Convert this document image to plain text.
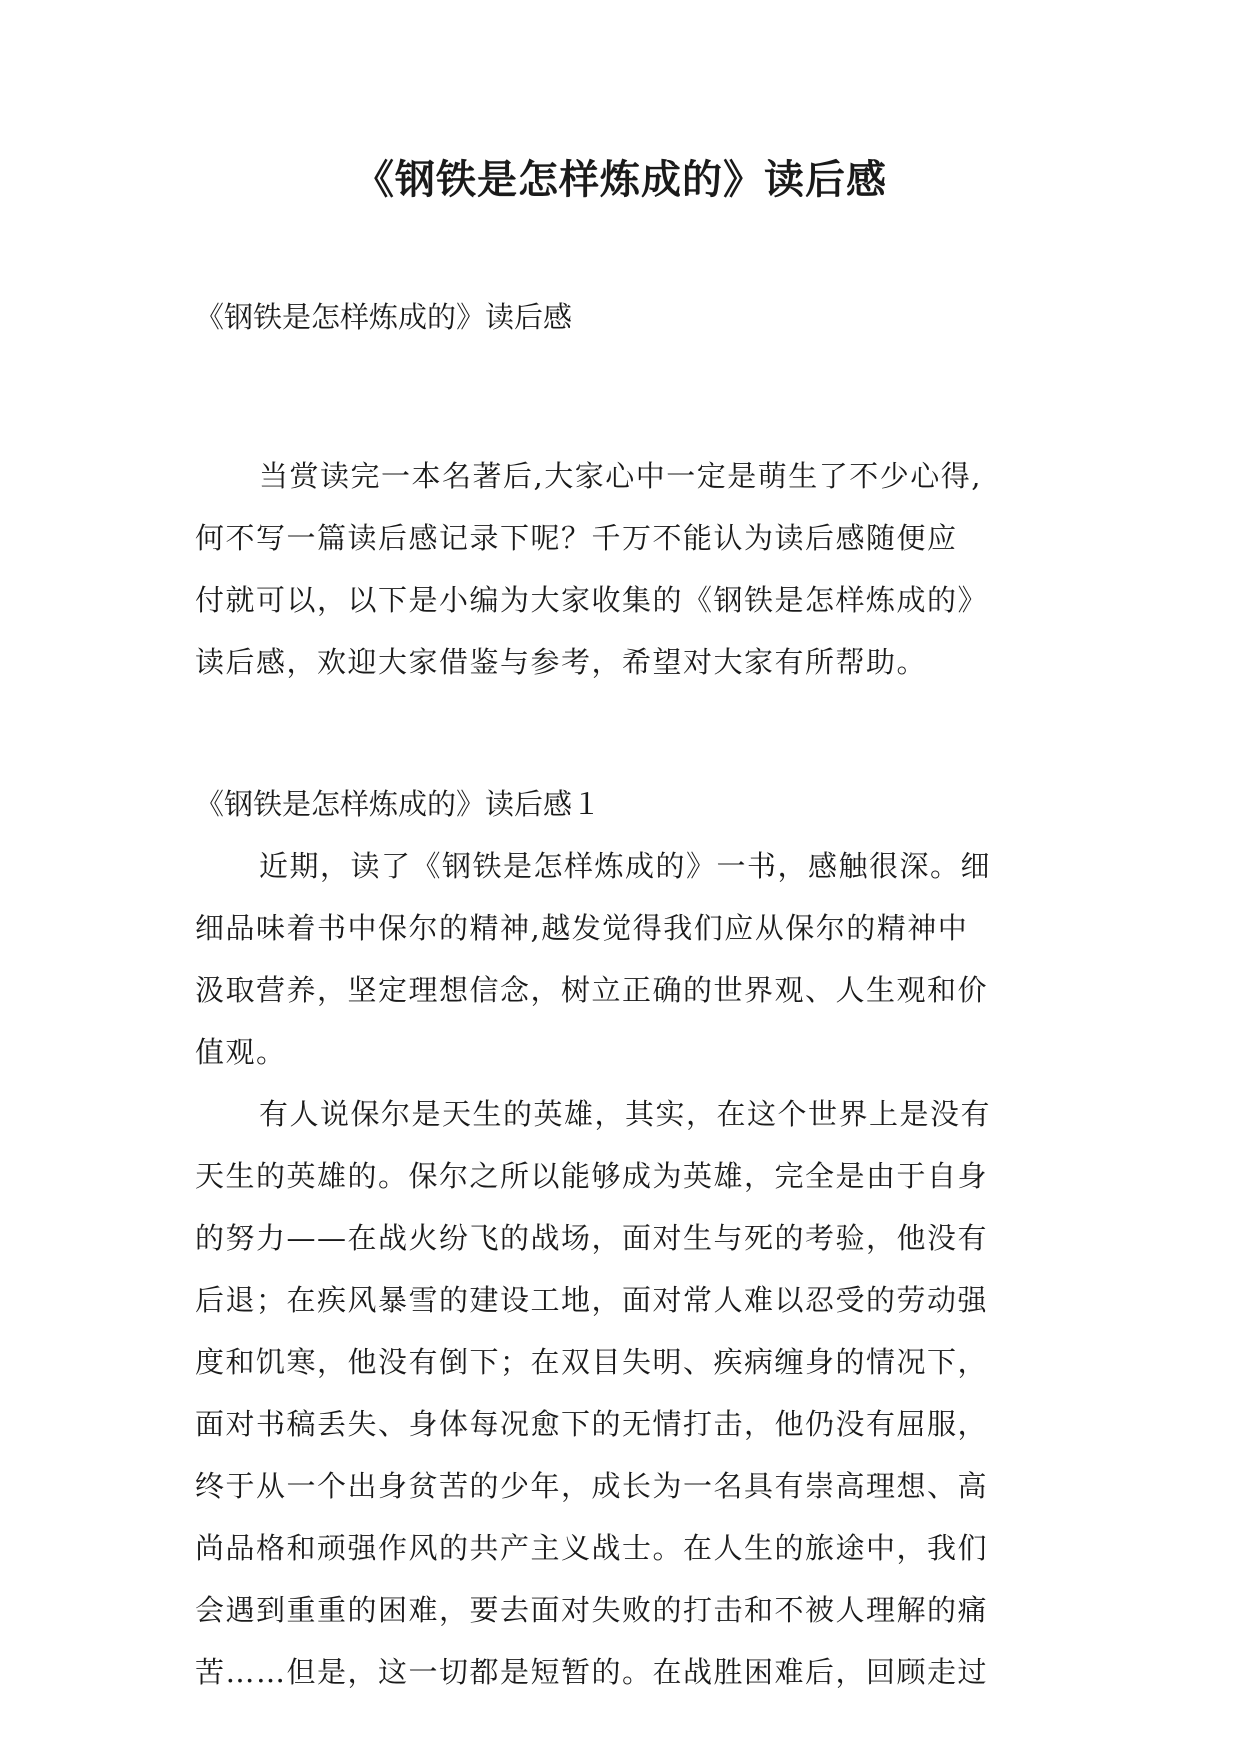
《钢铁是怎样炼成的》读后感

《钢铁是怎样炼成的》读后感

当赏读完一本名著后,大家心中一定是萌生了不少心得,

何不写一篇读后感记录下呢？千万不能认为读后感随便应

付就可以，以下是小编为大家收集的《钢铁是怎样炼成的》

读后感，欢迎大家借鉴与参考，希望对大家有所帮助。

《钢铁是怎样炼成的》读后感１

近期，读了《钢铁是怎样炼成的》一书，感触很深。细

细品味着书中保尔的精神,越发觉得我们应从保尔的精神中

汲取营养，坚定理想信念，树立正确的世界观、人生观和价

值观。

有人说保尔是天生的英雄，其实，在这个世界上是没有

天生的英雄的。保尔之所以能够成为英雄，完全是由于自身

的努力——在战火纷飞的战场，面对生与死的考验，他没有

后退；在疾风暴雪的建设工地，面对常人难以忍受的劳动强

度和饥寒，他没有倒下；在双目失明、疾病缠身的情况下，

面对书稿丢失、身体每况愈下的无情打击，他仍没有屈服，

终于从一个出身贫苦的少年，成长为一名具有崇高理想、高

尚品格和顽强作风的共产主义战士。在人生的旅途中，我们

会遇到重重的困难，要去面对失败的打击和不被人理解的痛

苦……但是，这一切都是短暂的。在战胜困难后，回顾走过
